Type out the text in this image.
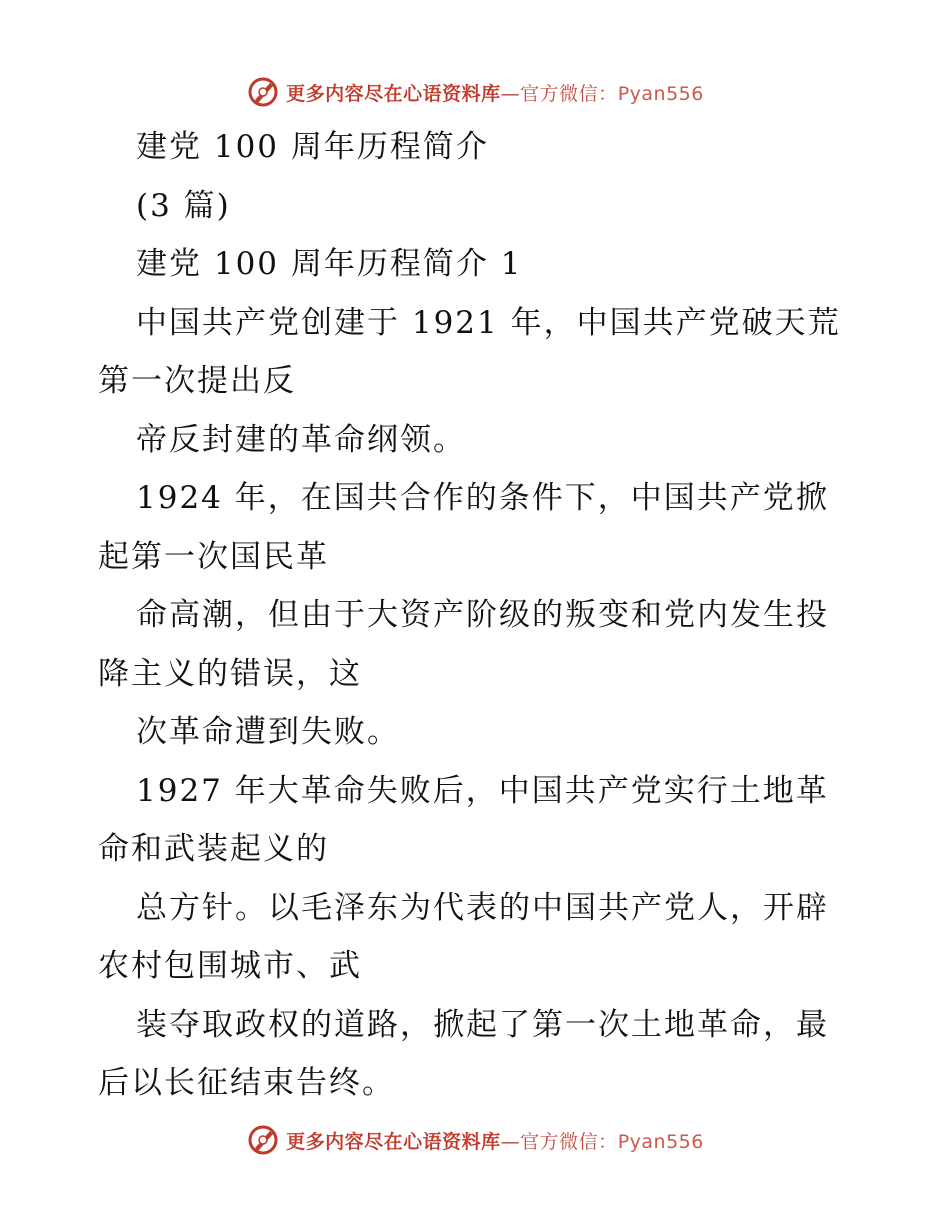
更多内容尽在心语资料库—官方微信：Pyan556
建党 100 周年历程简介
(3 篇)
建党 100 周年历程简介 1
中国共产党创建于 1921 年，中国共产党破天荒
第一次提出反
帝反封建的革命纲领。
1924 年，在国共合作的条件下，中国共产党掀
起第一次国民革
命高潮，但由于大资产阶级的叛变和党内发生投
降主义的错误，这
次革命遭到失败。
1927 年大革命失败后，中国共产党实行土地革
命和武装起义的
总方针。以毛泽东为代表的中国共产党人，开辟
农村包围城市、武
装夺取政权的道路，掀起了第一次土地革命，最
后以长征结束告终。
更多内容尽在心语资料库—官方微信：Pyan556
